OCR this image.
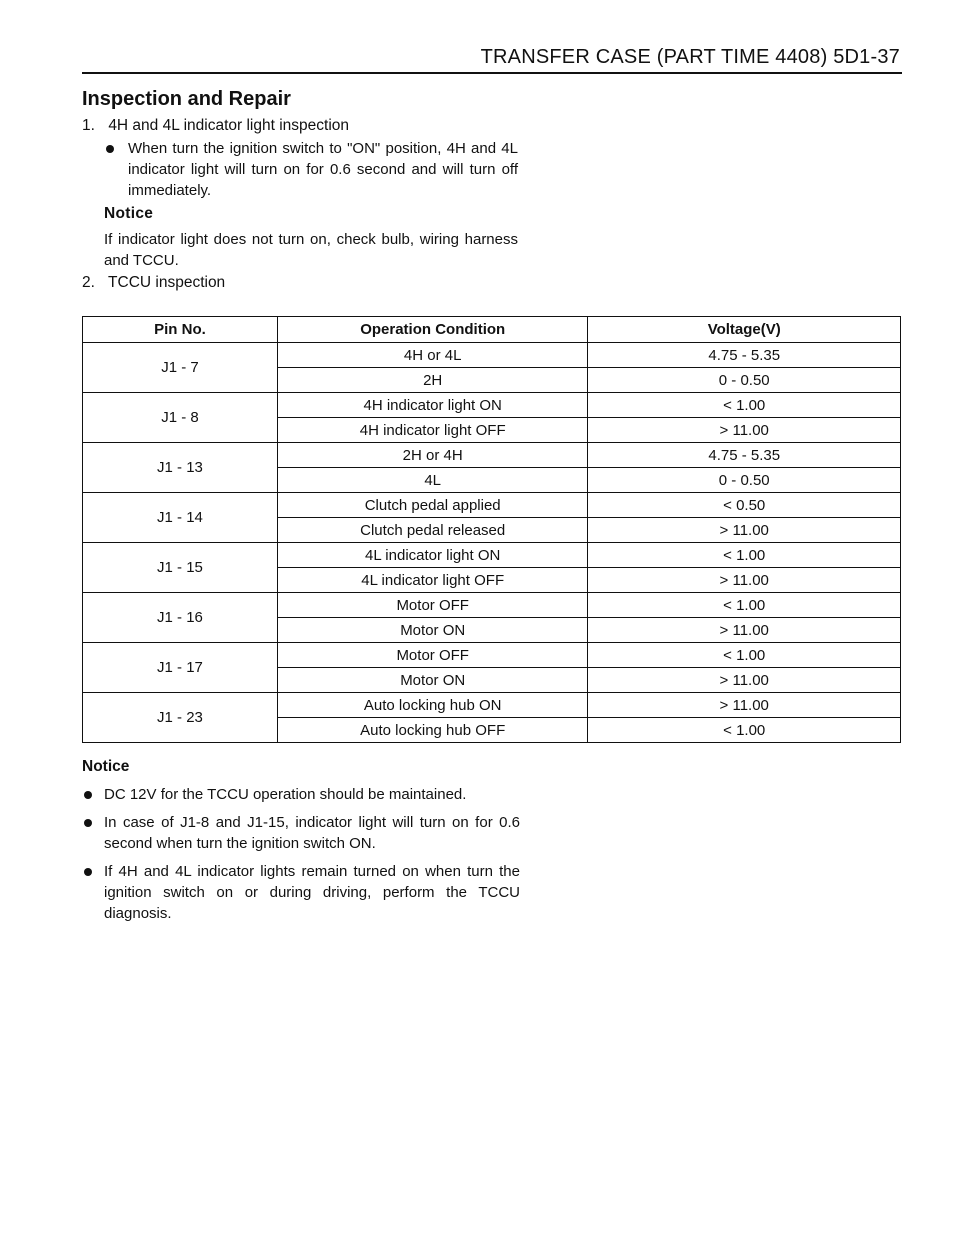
TRANSFER CASE (PART TIME 4408) 5D1-37
Inspection and Repair
1. 4H and 4L indicator light inspection
When turn the ignition switch to "ON" position, 4H and 4L indicator light will turn on for 0.6 second and will turn off immediately.
Notice
If indicator light does not turn on, check bulb, wiring harness and TCCU.
2. TCCU inspection
Pin No.	Operation Condition	Voltage(V)
J1 - 7	4H or 4L	4.75 - 5.35
	2H	0 - 0.50
J1 - 8	4H indicator light ON	< 1.00
	4H indicator light OFF	> 11.00
J1 - 13	2H or 4H	4.75 - 5.35
	4L	0 - 0.50
J1 - 14	Clutch pedal applied	< 0.50
	Clutch pedal released	> 11.00
J1 - 15	4L indicator light ON	< 1.00
	4L indicator light OFF	> 11.00
J1 - 16	Motor OFF	< 1.00
	Motor ON	> 11.00
J1 - 17	Motor OFF	< 1.00
	Motor ON	> 11.00
J1 - 23	Auto locking hub ON	> 11.00
	Auto locking hub OFF	< 1.00
Notice
DC 12V for the TCCU operation should be maintained.
In case of J1-8 and J1-15, indicator light will turn on for 0.6 second when turn the ignition switch ON.
If 4H and 4L indicator lights remain turned on when turn the ignition switch on or during driving, perform the TCCU diagnosis.
